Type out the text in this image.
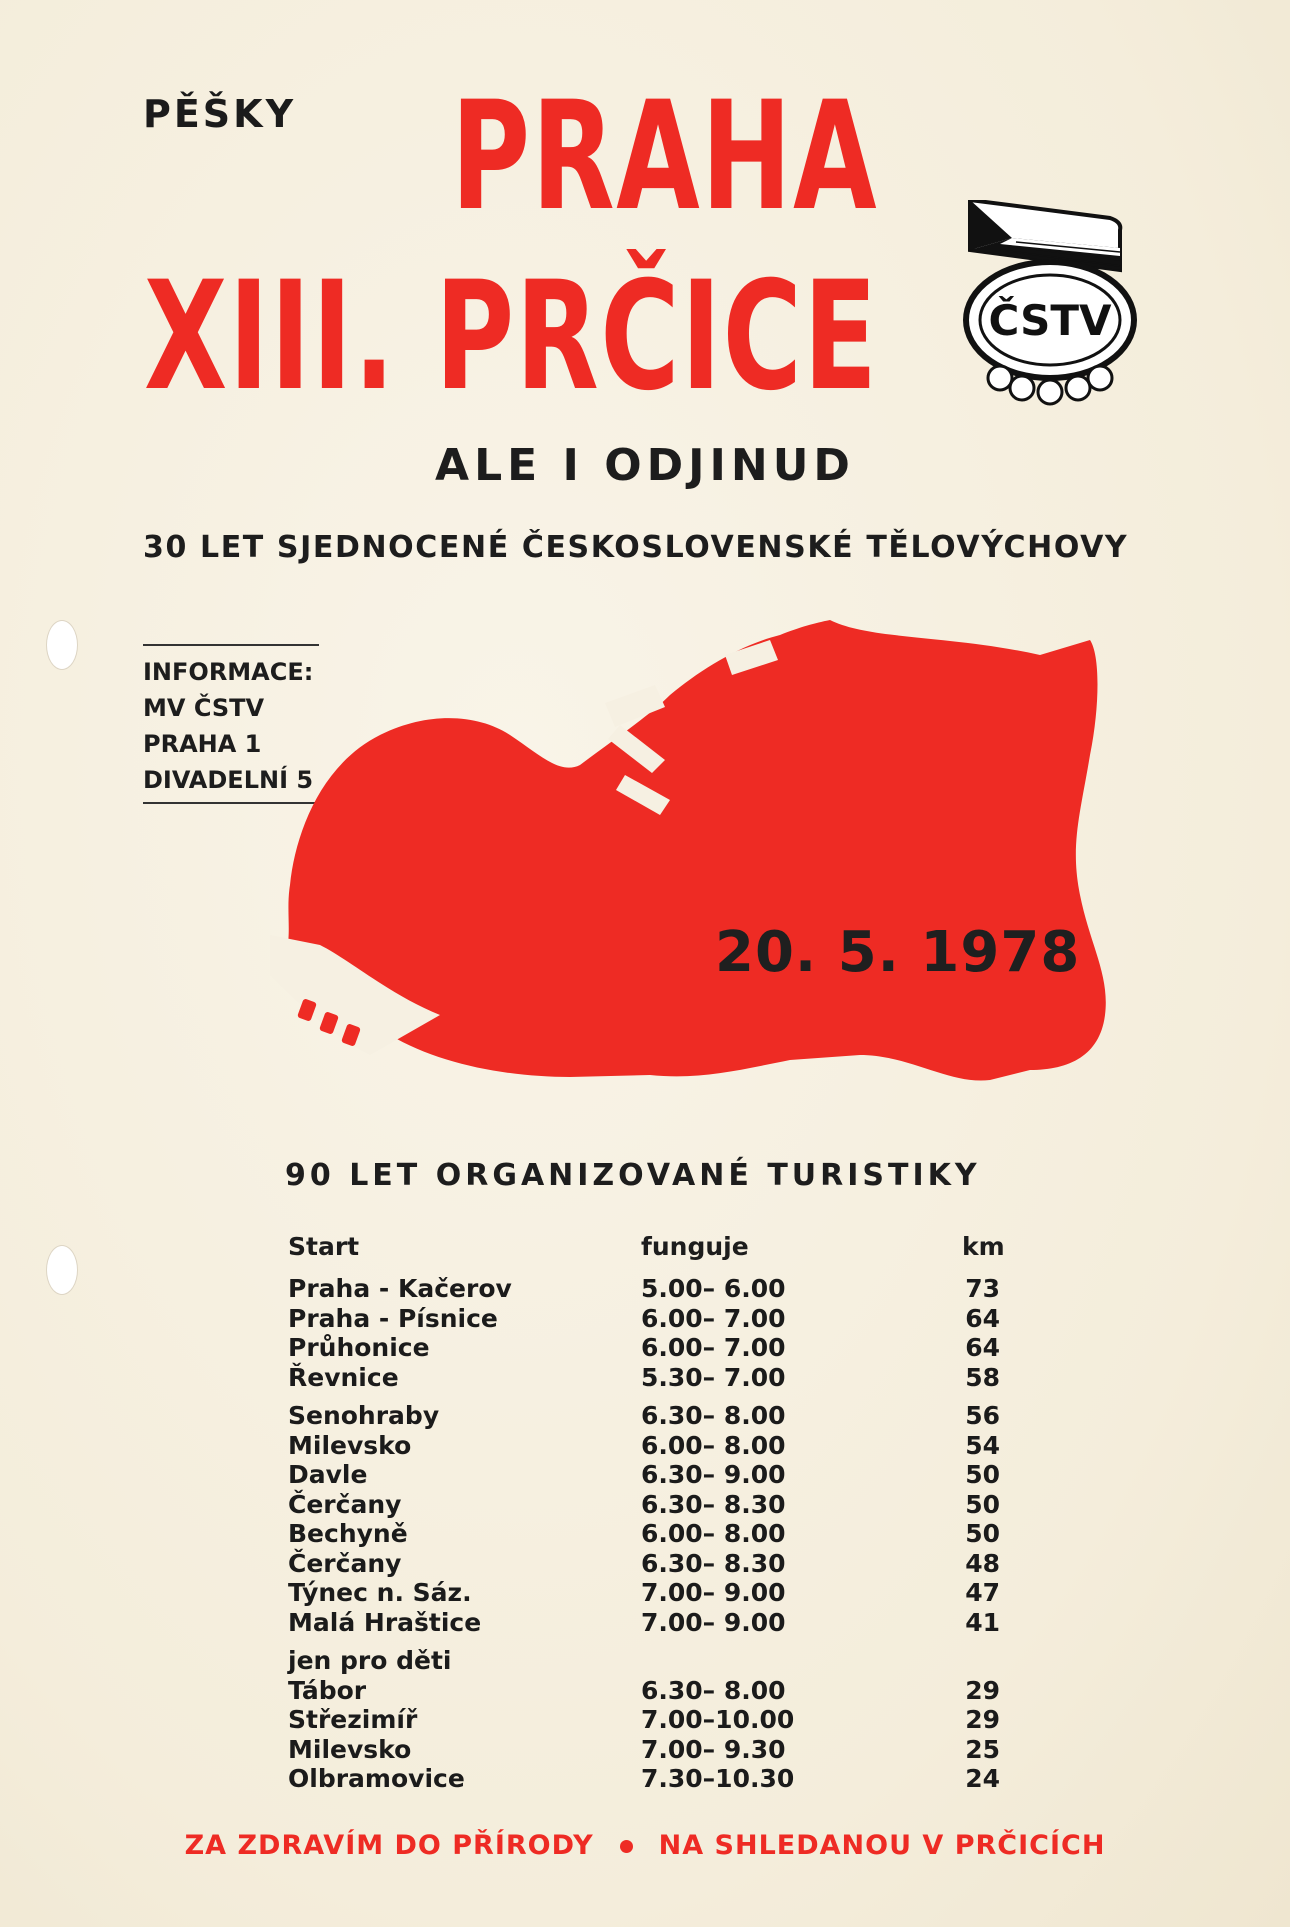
PĚŠKY PRAHA
XIII. PRČICE	ČSTV
ALE I ODJINUD
30 LET SJEDNOCENÉ ČESKOSLOVENSKÉ TĚLOVÝCHOVY
INFORMACE:
MV ČSTV
PRAHA 1
DIVADELNÍ 5
20. 5. 1978
90 LET ORGANIZOVANÉ TURISTIKY
Start	funguje	km
Praha - Kačerov	5.00– 6.00	73
Praha - Písnice	6.00– 7.00	64
Průhonice	6.00– 7.00	64
Řevnice	5.30– 7.00	58
Senohraby	6.30– 8.00	56
Milevsko	6.00– 8.00	54
Davle	6.30– 9.00	50
Čerčany	6.30– 8.30	50
Bechyně	6.00– 8.00	50
Čerčany	6.30– 8.30	48
Týnec n. Sáz.	7.00– 9.00	47
Malá Hraštice	7.00– 9.00	41
jen pro děti
Tábor	6.30– 8.00	29
Střezimíř	7.00–10.00	29
Milevsko	7.00– 9.30	25
Olbramovice	7.30–10.30	24
ZA ZDRAVÍM DO PŘÍRODY NA SHLEDANOU V PRČICÍCH
